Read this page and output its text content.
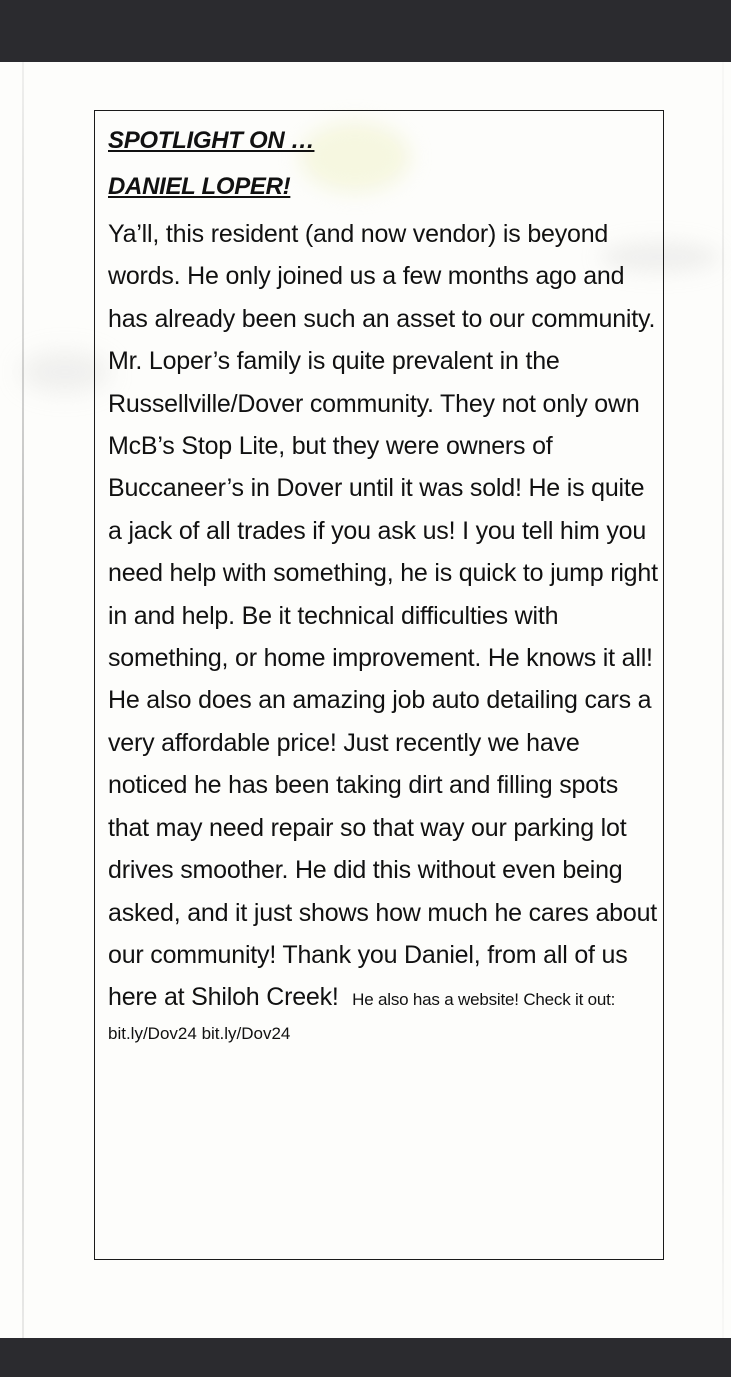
SPOTLIGHT ON …

DANIEL LOPER!

Ya’ll, this resident (and now vendor) is beyond words. He only joined us a few months ago and has already been such an asset to our community. Mr. Loper’s family is quite prevalent in the Russellville/Dover community. They not only own McB’s Stop Lite, but they were owners of Buccaneer’s in Dover until it was sold! He is quite a jack of all trades if you ask us! I you tell him you need help with something, he is quick to jump right in and help. Be it technical difficulties with something, or home improvement. He knows it all! He also does an amazing job auto detailing cars a very affordable price! Just recently we have noticed he has been taking dirt and filling spots that may need repair so that way our parking lot drives smoother. He did this without even being asked, and it just shows how much he cares about our community! Thank you Daniel, from all of us here at Shiloh Creek! He also has a website! Check it out:

bit.ly/Dov24 bit.ly/Dov24
